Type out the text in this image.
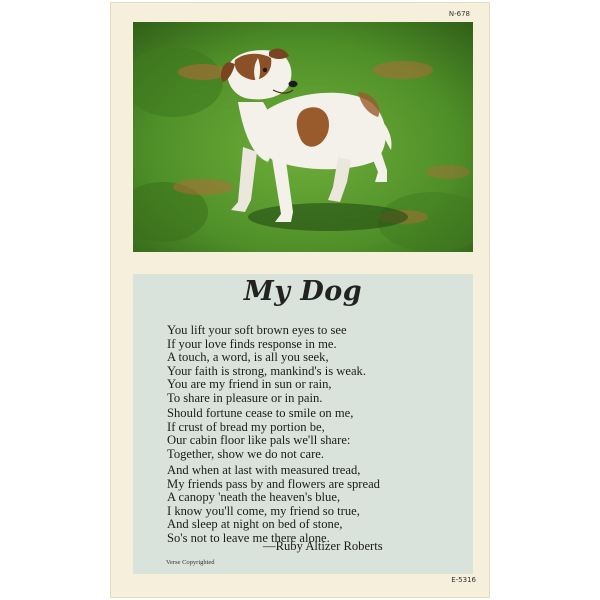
N-678
My Dog
You lift your soft brown eyes to see
If your love finds response in me.
A touch, a word, is all you seek,
Your faith is strong, mankind's is weak.
You are my friend in sun or rain,
To share in pleasure or in pain.
Should fortune cease to smile on me,
If crust of bread my portion be,
Our cabin floor like pals we'll share:
Together, show we do not care.
And when at last with measured tread,
My friends pass by and flowers are spread
A canopy 'neath the heaven's blue,
I know you'll come, my friend so true,
And sleep at night on bed of stone,
So's not to leave me there alone.
—Ruby Altizer Roberts
Verse Copyrighted
E-5316
